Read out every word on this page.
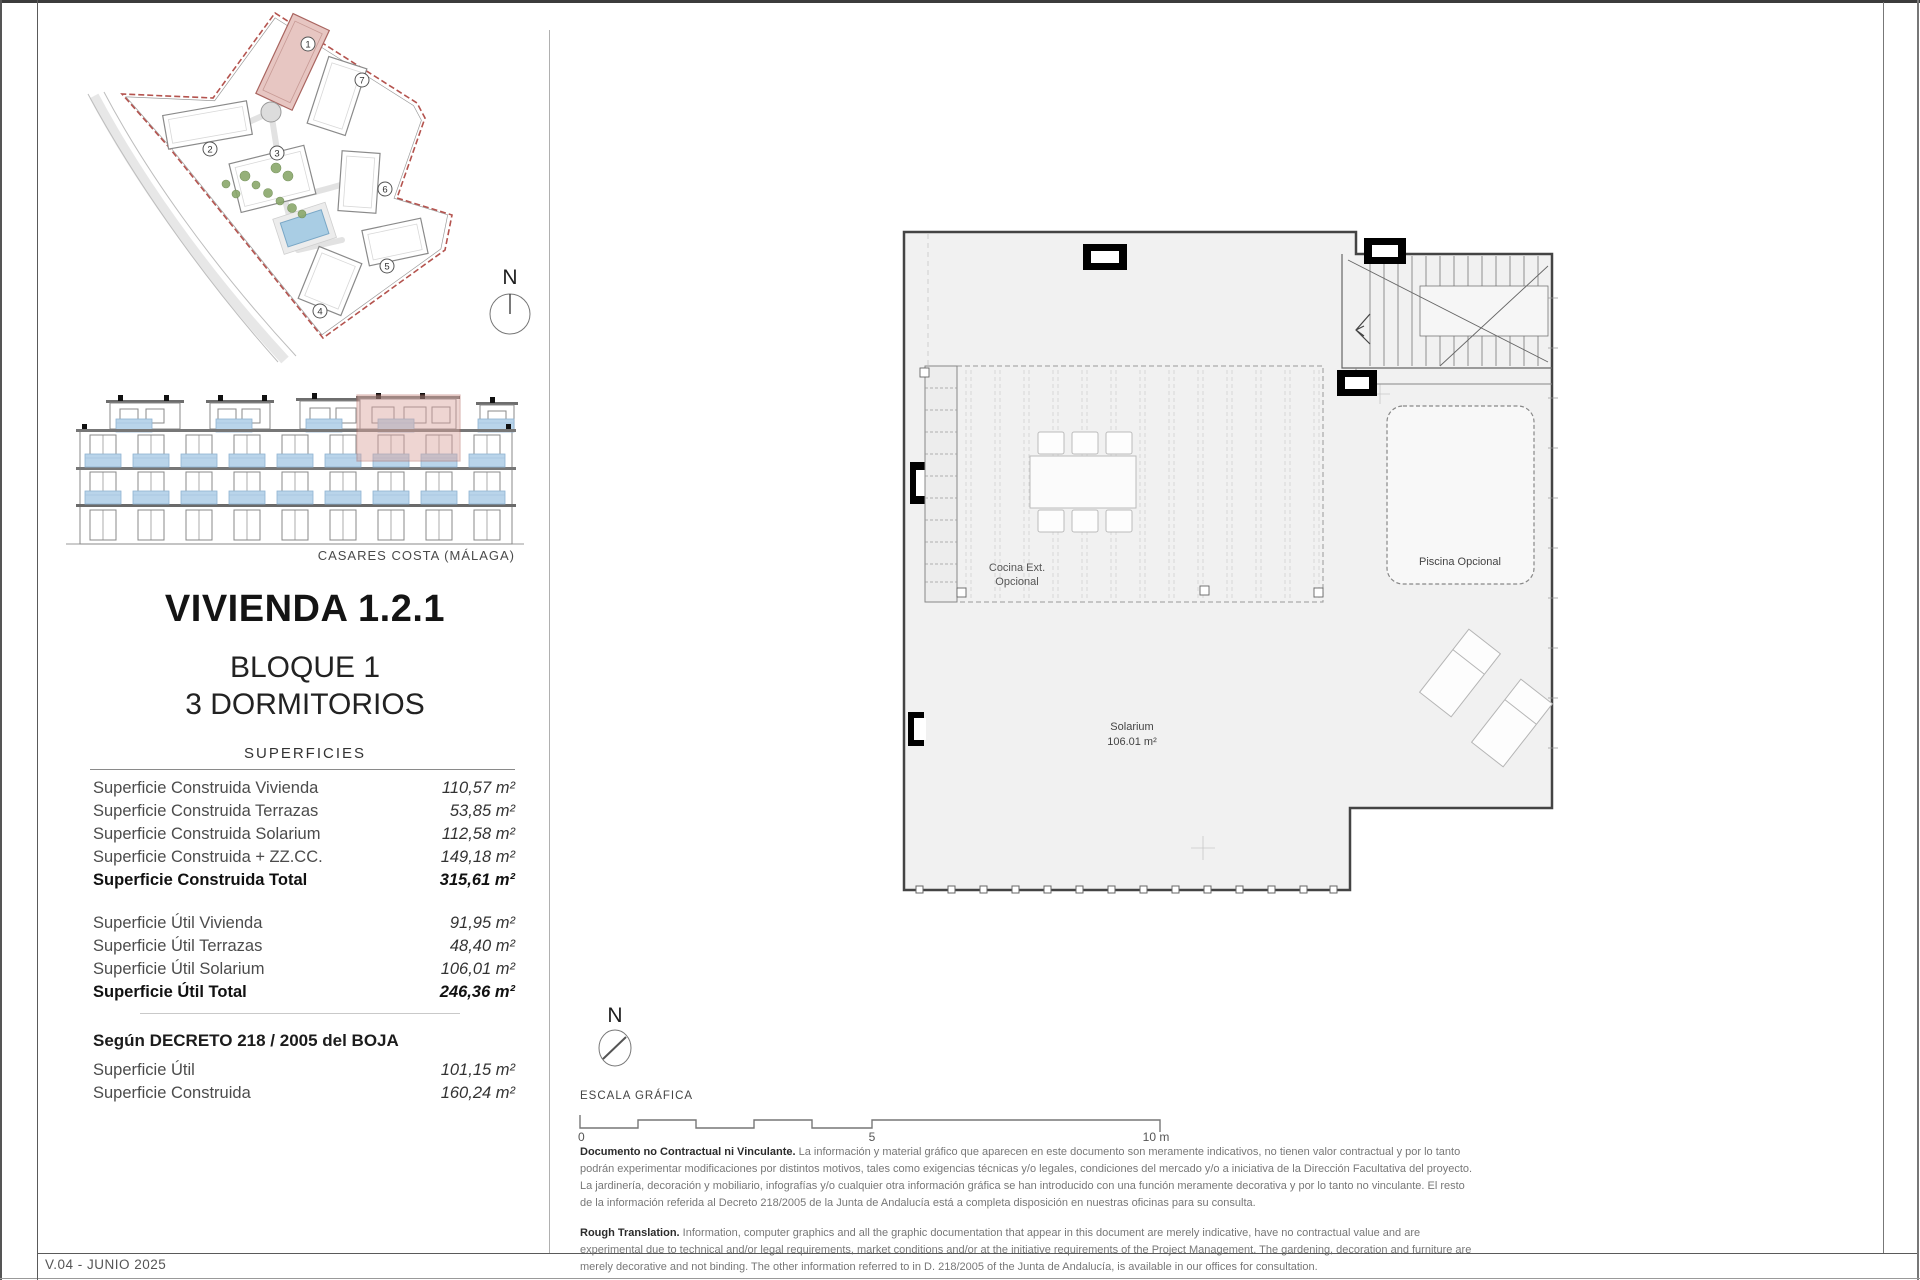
1
2	3
4
5
6
7
N
CASARES COSTA (MÁLAGA)
VIVIENDA 1.2.1
BLOQUE 1
3 DORMITORIOS
SUPERFICIES
Superficie Construida Vivienda	110,57 m²
Superficie Construida Terrazas	53,85 m²
Superficie Construida Solarium	112,58 m²
Superficie Construida + ZZ.CC.	149,18 m²
Superficie Construida Total	315,61 m²
Superficie Útil Vivienda	91,95 m²
Superficie Útil Terrazas	48,40 m²
Superficie Útil Solarium	106,01 m²
Superficie Útil Total	246,36 m²
Según DECRETO 218 / 2005 del BOJA
Superficie Útil	101,15 m²
Superficie Construida	160,24 m²
Cocina Ext.
Opcional
Piscina Opcional
Solarium
106.01 m²
N
ESCALA GRÁFICA
0	5	10 m

Documento no Contractual ni Vinculante. La información y material gráfico que aparecen en este documento son meramente indicativos, no tienen valor contractual y por lo tanto podrán experimentar modificaciones por distintos motivos, tales como exigencias técnicas y/o legales, condiciones del mercado y/o a iniciativa de la Dirección Facultativa del proyecto. La jardinería, decoración y mobiliario, infografías y/o cualquier otra información gráfica se han introducido con una función meramente decorativa y por lo tanto no vinculante. El resto de la información referida al Decreto 218/2005 de la Junta de Andalucía está a completa disposición en nuestras oficinas para su consulta.

Rough Translation. Information, computer graphics and all the graphic documentation that appear in this document are merely indicative, have no contractual value and are experimental due to technical and/or legal requirements, market conditions and/or at the initiative requirements of the Project Management. The gardening, decoration and furniture are merely decorative and not binding. The other information referred to in D. 218/2005 of the Junta de Andalucía, is available in our offices for consultation.

V.04 - JUNIO 2025
